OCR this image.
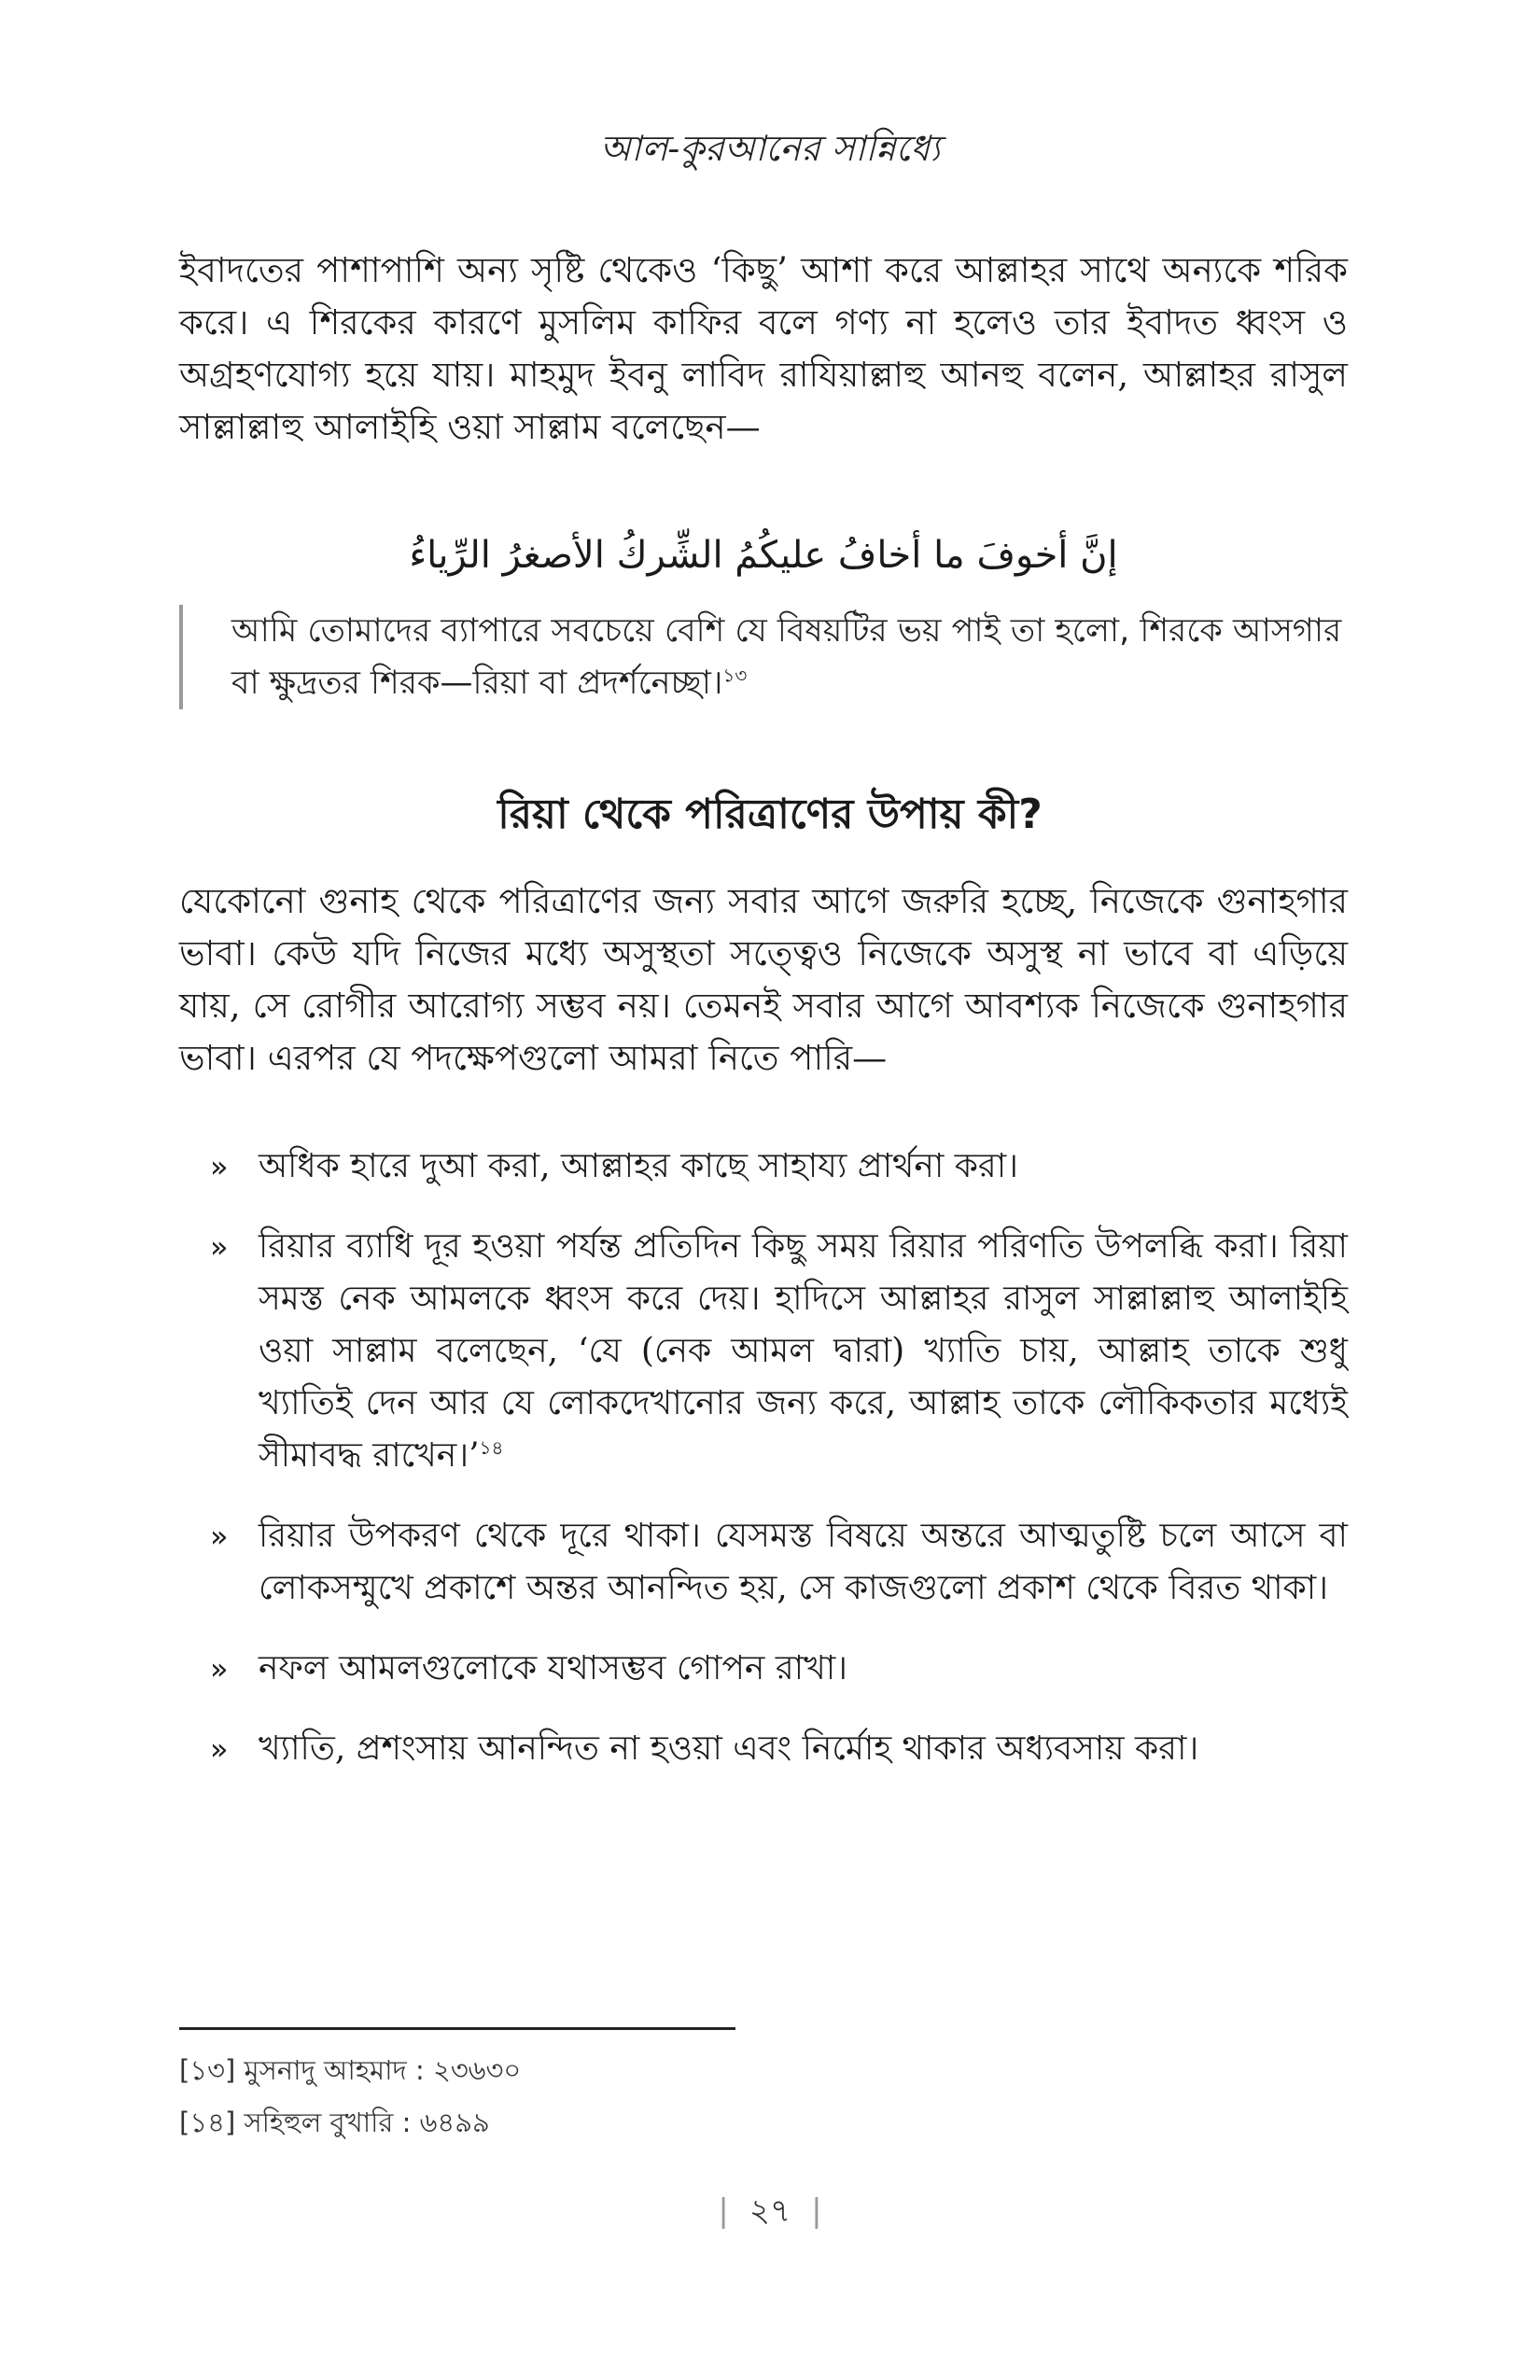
আল-কুরআনের সান্নিধ্যে
ইবাদতের পাশাপাশি অন্য সৃষ্টি থেকেও ‘কিছু’ আশা করে আল্লাহর সাথে অন্যকে শরিক করে। এ শিরকের কারণে মুসলিম কাফির বলে গণ্য না হলেও তার ইবাদত ধ্বংস ও অগ্রহণযোগ্য হয়ে যায়। মাহমুদ ইবনু লাবিদ রাযিয়াল্লাহু আনহু বলেন, আল্লাহর রাসুল সাল্লাল্লাহু আলাইহি ওয়া সাল্লাম বলেছেন—
إنَّ أخوفَ ما أخافُ عليكُمُ الشِّركُ الأصغرُ الرِّياءُ
আমি তোমাদের ব্যাপারে সবচেয়ে বেশি যে বিষয়টির ভয় পাই তা হলো, শিরকে আসগার বা ক্ষুদ্রতর শিরক—রিয়া বা প্রদর্শনেচ্ছা।$^{১৩}$
রিয়া থেকে পরিত্রাণের উপায় কী?
যেকোনো গুনাহ থেকে পরিত্রাণের জন্য সবার আগে জরুরি হচ্ছে, নিজেকে গুনাহগার ভাবা। কেউ যদি নিজের মধ্যে অসুস্থতা সত্ত্বেও নিজেকে অসুস্থ না ভাবে বা এড়িয়ে যায়, সে রোগীর আরোগ্য সম্ভব নয়। তেমনই সবার আগে আবশ্যক নিজেকে গুনাহগার ভাবা। এরপর যে পদক্ষেপগুলো আমরা নিতে পারি—
» অধিক হারে দুআ করা, আল্লাহর কাছে সাহায্য প্রার্থনা করা।
» রিয়ার ব্যাধি দূর হওয়া পর্যন্ত প্রতিদিন কিছু সময় রিয়ার পরিণতি উপলব্ধি করা। রিয়া সমস্ত নেক আমলকে ধ্বংস করে দেয়। হাদিসে আল্লাহর রাসুল সাল্লাল্লাহু আলাইহি ওয়া সাল্লাম বলেছেন, ‘যে (নেক আমল দ্বারা) খ্যাতি চায়, আল্লাহ তাকে শুধু খ্যাতিই দেন আর যে লোকদেখানোর জন্য করে, আল্লাহ তাকে লৌকিকতার মধ্যেই সীমাবদ্ধ রাখেন।’$^{১৪}$
» রিয়ার উপকরণ থেকে দূরে থাকা। যেসমস্ত বিষয়ে অন্তরে আত্মতুষ্টি চলে আসে বা লোকসম্মুখে প্রকাশে অন্তর আনন্দিত হয়, সে কাজগুলো প্রকাশ থেকে বিরত থাকা।
» নফল আমলগুলোকে যথাসম্ভব গোপন রাখা।
» খ্যাতি, প্রশংসায় আনন্দিত না হওয়া এবং নির্মোহ থাকার অধ্যবসায় করা।
[১৩] মুসনাদু আহমাদ : ২৩৬৩০
[১৪] সহিহুল বুখারি : ৬৪৯৯
| ২৭ |
